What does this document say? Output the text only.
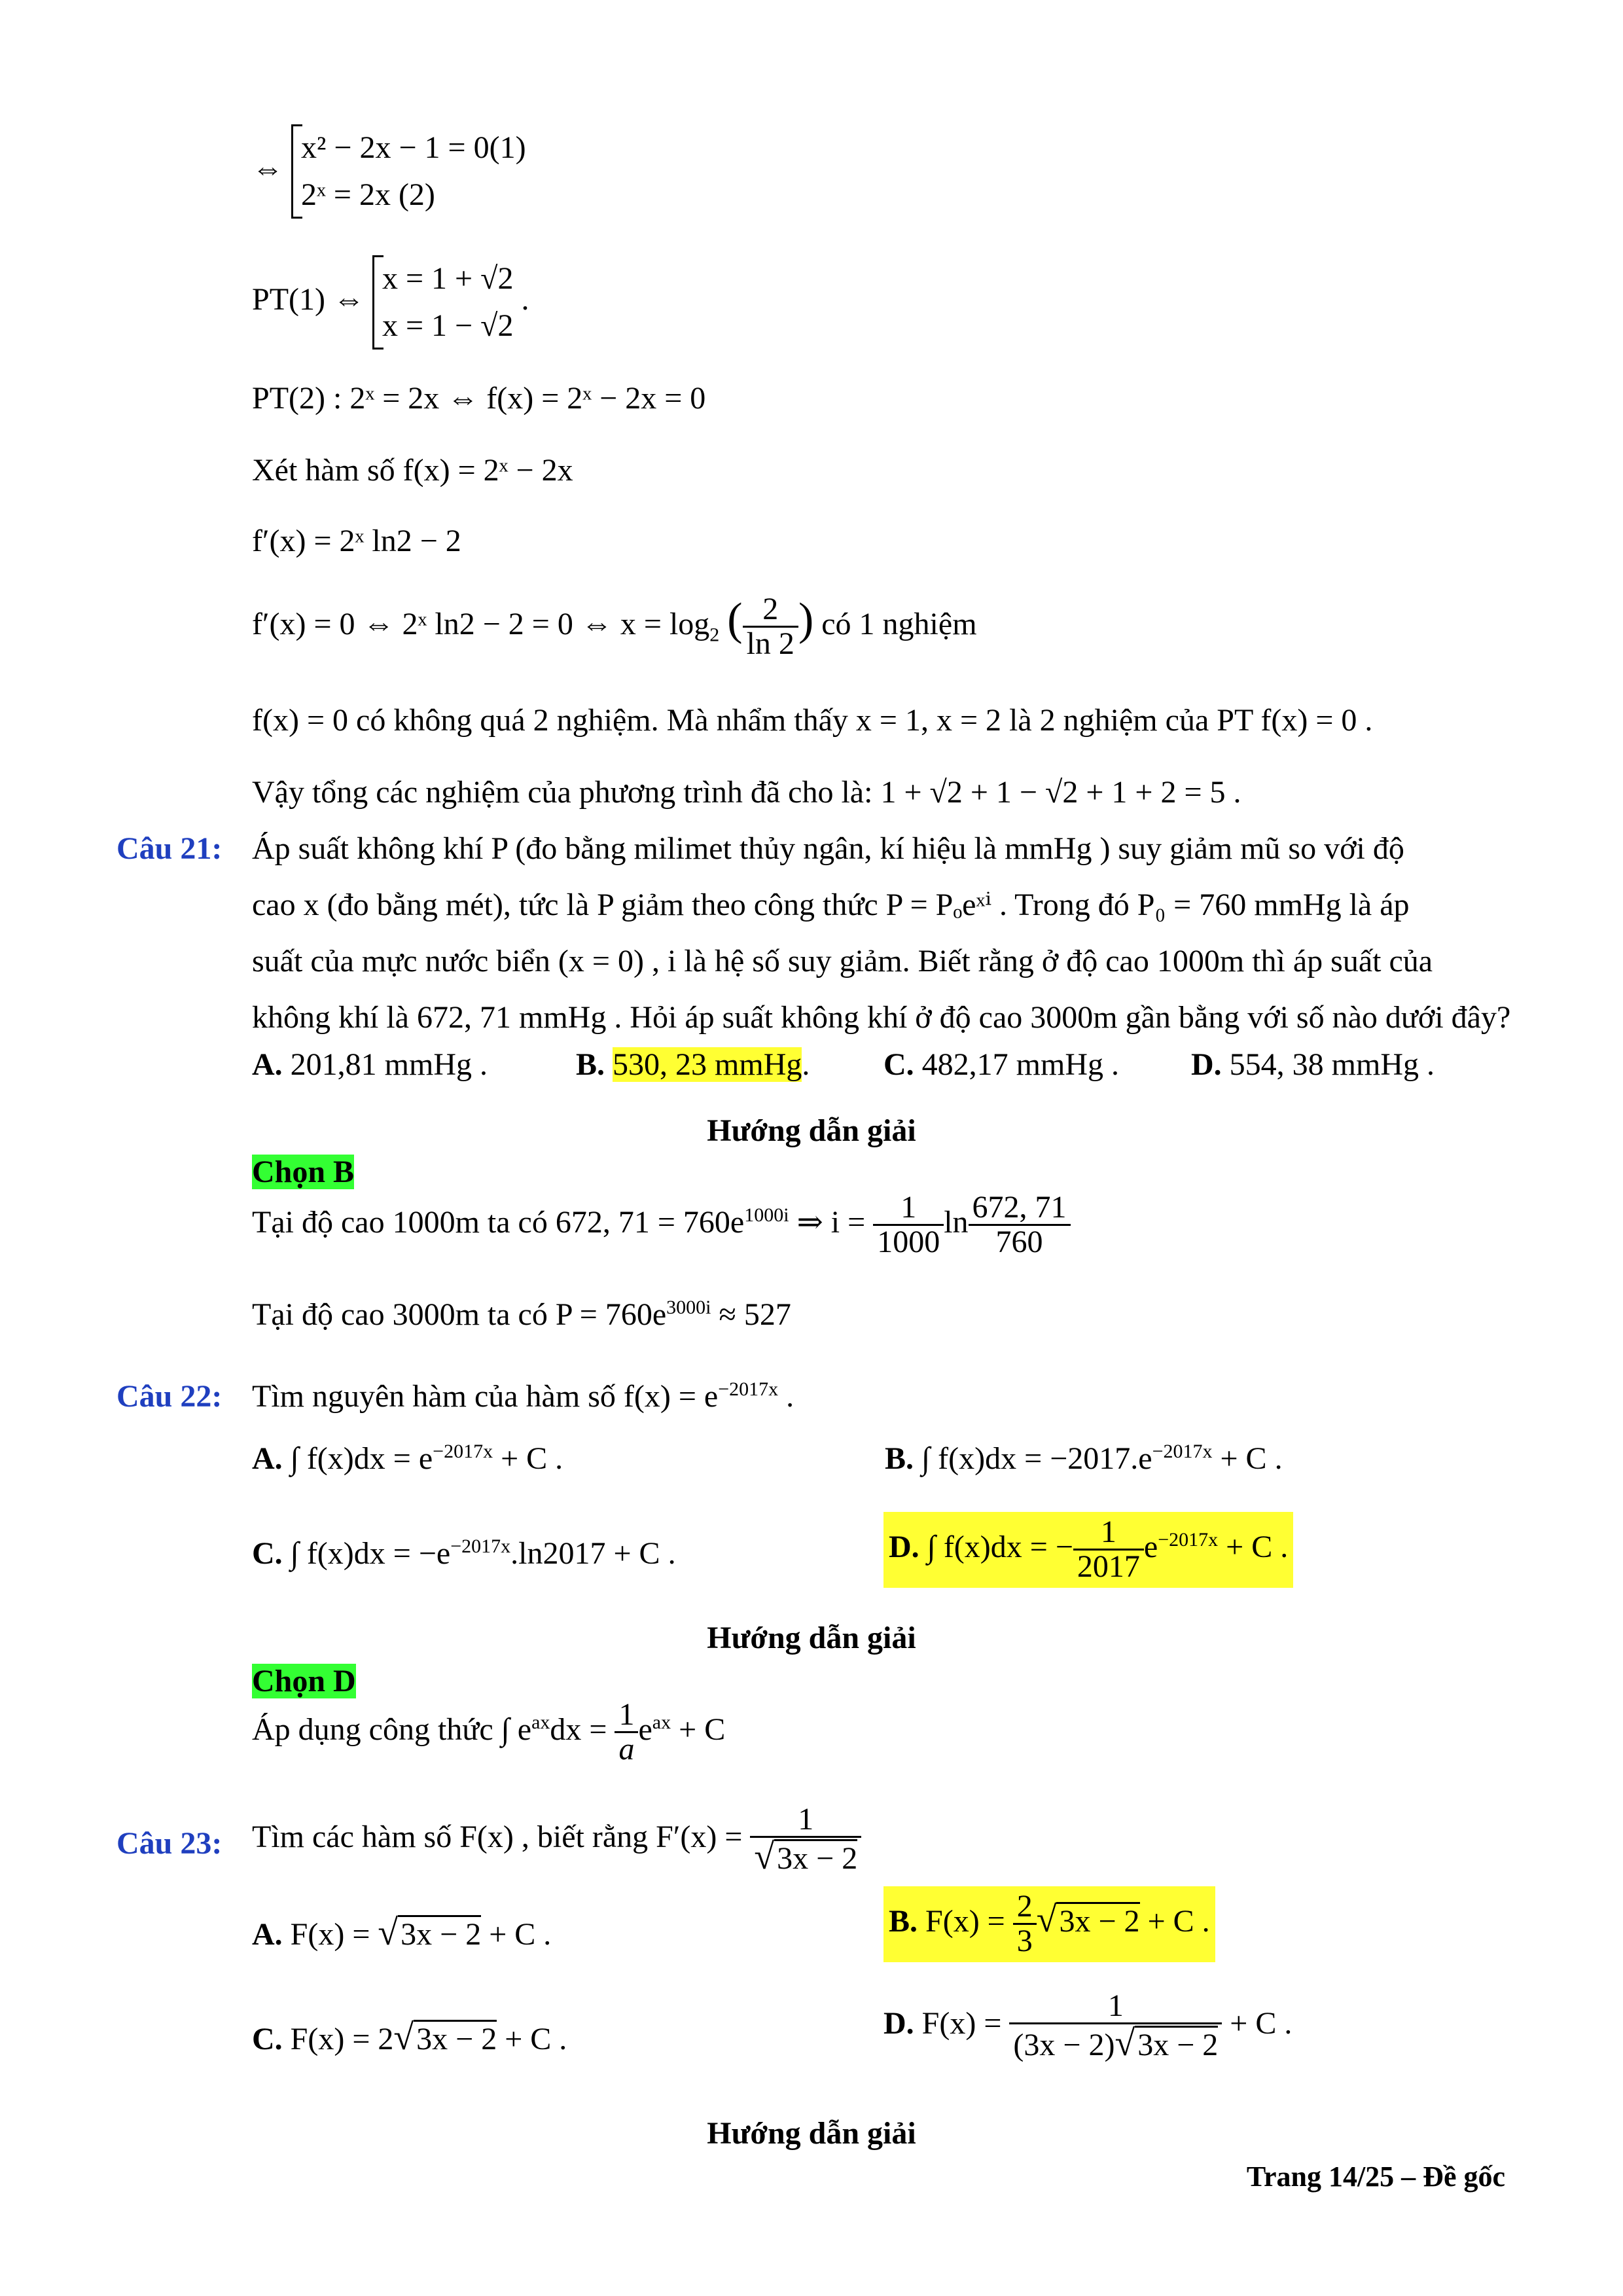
⇔
x² − 2x − 1 = 0(1)
2ˣ = 2x (2)
PT(1) ⇔
x = 1 + √2
x = 1 − √2
.
PT(2) : 2ˣ = 2x ⇔ f(x) = 2ˣ − 2x = 0
Xét hàm số f(x) = 2ˣ − 2x
f′(x) = 2ˣ ln2 − 2
f′(x) = 0 ⇔ 2ˣ ln2 − 2 = 0 ⇔ $x = \log_2$ ( $\frac{2}{\ln 2}$ ) có 1 nghiệm
f(x) = 0 có không quá 2 nghiệm. Mà nhẩm thấy x = 1, x = 2 là 2 nghiệm của PT f(x) = 0 .
Vậy tổng các nghiệm của phương trình đã cho là: 1 + √2 + 1 − √2 + 1 + 2 = 5 .
Câu 21: Áp suất không khí P (đo bằng milimet thủy ngân, kí hiệu là mmHg ) suy giảm mũ so với độ
cao x (đo bằng mét), tức là P giảm theo công thức P = Pₒeˣⁱ . Trong đó P₀ = 760 mmHg là áp
suất của mực nước biển (x = 0) , i là hệ số suy giảm. Biết rằng ở độ cao 1000m thì áp suất của
không khí là 672, 71 mmHg . Hỏi áp suất không khí ở độ cao 3000m gần bằng với số nào dưới đây?
A. 201,81 mmHg .	B. 530, 23 mmHg. C. 482,17 mmHg . D. 554, 38 mmHg .
Hướng dẫn giải
Chọn B
Tại độ cao 1000m ta có 672, $71 = 760e^{1000i}$ ⇒ $i = \frac{1}{1000}$ $\ln \frac{672, 71}{760}$
Tại độ cao 3000m ta có $P = 760e^{3000i} \approx 527$
Câu 22: Tìm nguyên hàm của hàm số $f(x) = e^{-2017x}$ .
A. ∫ $f(x)dx = e^{-2017x} + C$ .	B. ∫ $f(x)dx = -2017.e^{-2017x} + C$ .
C. ∫ $f(x)dx = -e^{-2017x}.\ln 2017 + C$ .	D. ∫ f(x)dx = − $\frac{1}{2017} e^{-2017x} + C$ .
Hướng dẫn giải
Chọn D
Áp dụng công thức ∫ $e^{ax}dx = \frac{1}{a} e^{ax} + C$
Câu 23: Tìm các hàm số F(x) , biết rằng $F'(x) = \frac{1}{√3x - 2}$
A. F(x) = √3x − 2 + C .	B. $F(x) = \frac{2}{3} √3x - 2 + C$ .
C. F(x) = 2√3x − 2 + C .	D. $F(x) = \frac{1}{(3x - 2)√3x - 2} + C$ .
Hướng dẫn giải
Trang 14/25 – Đề gốc
